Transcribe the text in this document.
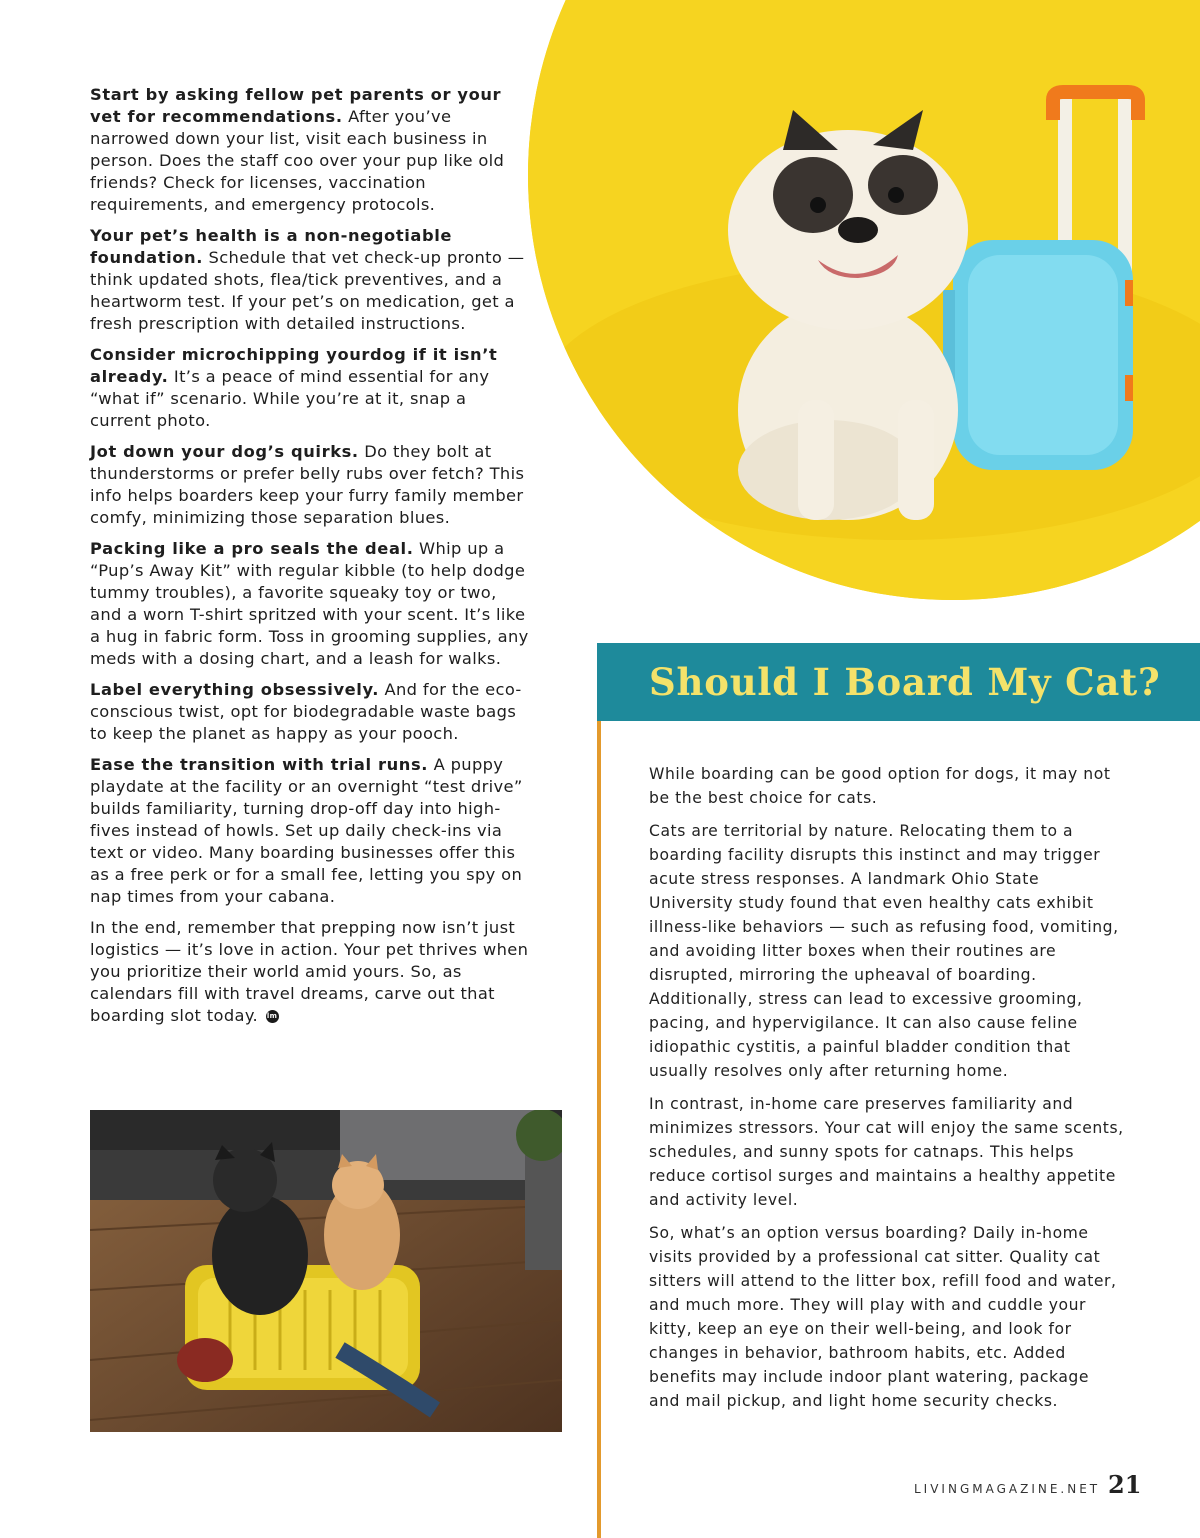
Start by asking fellow pet parents or your vet for recommendations. After you’ve narrowed down your list, visit each business in person. Does the staff coo over your pup like old friends? Check for licenses, vaccination requirements, and emergency protocols.

Your pet’s health is a non-negotiable foundation. Schedule that vet check-up pronto — think updated shots, flea/tick preventives, and a heartworm test. If your pet’s on medication, get a fresh prescription with detailed instructions.

Consider microchipping yourdog if it isn’t already. It’s a peace of mind essential for any “what if” scenario. While you’re at it, snap a current photo.

Jot down your dog’s quirks. Do they bolt at thunderstorms or prefer belly rubs over fetch? This info helps boarders keep your furry family member comfy, minimizing those separation blues.

Packing like a pro seals the deal. Whip up a “Pup’s Away Kit” with regular kibble (to help dodge tummy troubles), a favorite squeaky toy or two, and a worn T-shirt spritzed with your scent. It’s like a hug in fabric form. Toss in grooming supplies, any meds with a dosing chart, and a leash for walks.

Label everything obsessively. And for the eco-conscious twist, opt for biodegradable waste bags to keep the planet as happy as your pooch.

Ease the transition with trial runs. A puppy playdate at the facility or an overnight “test drive” builds familiarity, turning drop-off day into high-fives instead of howls. Set up daily check-ins via text or video. Many boarding businesses offer this as a free perk or for a small fee, letting you spy on nap times from your cabana.

In the end, remember that prepping now isn’t just logistics — it’s love in action. Your pet thrives when you prioritize their world amid yours. So, as calendars fill with travel dreams, carve out that boarding slot today. lm

Should I Board My Cat?

While boarding can be good option for dogs, it may not be the best choice for cats.

Cats are territorial by nature. Relocating them to a boarding facility disrupts this instinct and may trigger acute stress responses. A landmark Ohio State University study found that even healthy cats exhibit illness-like behaviors — such as refusing food, vomiting, and avoiding litter boxes when their routines are disrupted, mirroring the upheaval of boarding. Additionally, stress can lead to excessive grooming, pacing, and hypervigilance. It can also cause feline idiopathic cystitis, a painful bladder condition that usually resolves only after returning home.

In contrast, in-home care preserves familiarity and minimizes stressors. Your cat will enjoy the same scents, schedules, and sunny spots for catnaps. This helps reduce cortisol surges and maintains a healthy appetite and activity level.

So, what’s an option versus boarding? Daily in-home visits provided by a professional cat sitter. Quality cat sitters will attend to the litter box, refill food and water, and much more. They will play with and cuddle your kitty, keep an eye on their well-being, and look for changes in behavior, bathroom habits, etc. Added benefits may include indoor plant watering, package and mail pickup, and light home security checks.

LIVINGMAGAZINE.NET 21
